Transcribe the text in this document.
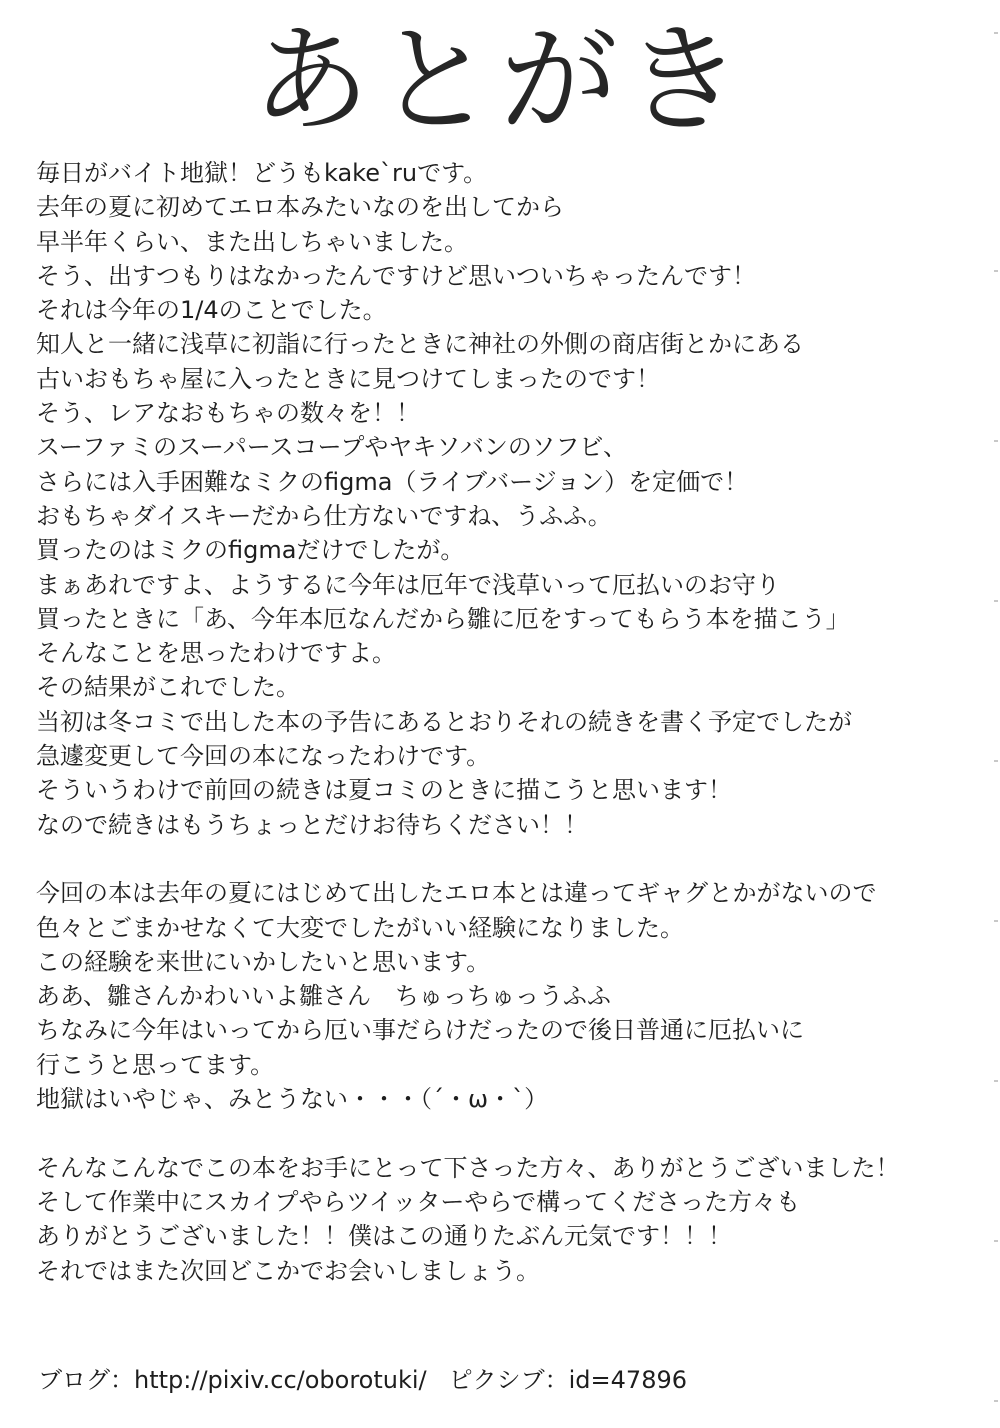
あとがき
毎日がバイト地獄！どうもkake`ruです。
去年の夏に初めてエロ本みたいなのを出してから
早半年くらい、また出しちゃいました。
そう、出すつもりはなかったんですけど思いついちゃったんです！
それは今年の1/4のことでした。
知人と一緒に浅草に初詣に行ったときに神社の外側の商店街とかにある
古いおもちゃ屋に入ったときに見つけてしまったのです！
そう、レアなおもちゃの数々を！！
スーファミのスーパースコープやヤキソバンのソフビ、
さらには入手困難なミクのfigma（ライブバージョン）を定価で！
おもちゃダイスキーだから仕方ないですね、うふふ。
買ったのはミクのfigmaだけでしたが。
まぁあれですよ、ようするに今年は厄年で浅草いって厄払いのお守り
買ったときに「あ、今年本厄なんだから雛に厄をすってもらう本を描こう」
そんなことを思ったわけですよ。
その結果がこれでした。
当初は冬コミで出した本の予告にあるとおりそれの続きを書く予定でしたが
急遽変更して今回の本になったわけです。
そういうわけで前回の続きは夏コミのときに描こうと思います！
なので続きはもうちょっとだけお待ちください！！
今回の本は去年の夏にはじめて出したエロ本とは違ってギャグとかがないので
色々とごまかせなくて大変でしたがいい経験になりました。
この経験を来世にいかしたいと思います。
ああ、雛さんかわいいよ雛さん　ちゅっちゅっうふふ
ちなみに今年はいってから厄い事だらけだったので後日普通に厄払いに
行こうと思ってます。
地獄はいやじゃ、みとうない・・・（´・ω・`）
そんなこんなでこの本をお手にとって下さった方々、ありがとうございました！
そして作業中にスカイプやらツイッターやらで構ってくださった方々も
ありがとうございました！！僕はこの通りたぶん元気です！！！
それではまた次回どこかでお会いしましょう。
ブログ：http://pixiv.cc/oborotuki/ ピクシブ：id=47896
